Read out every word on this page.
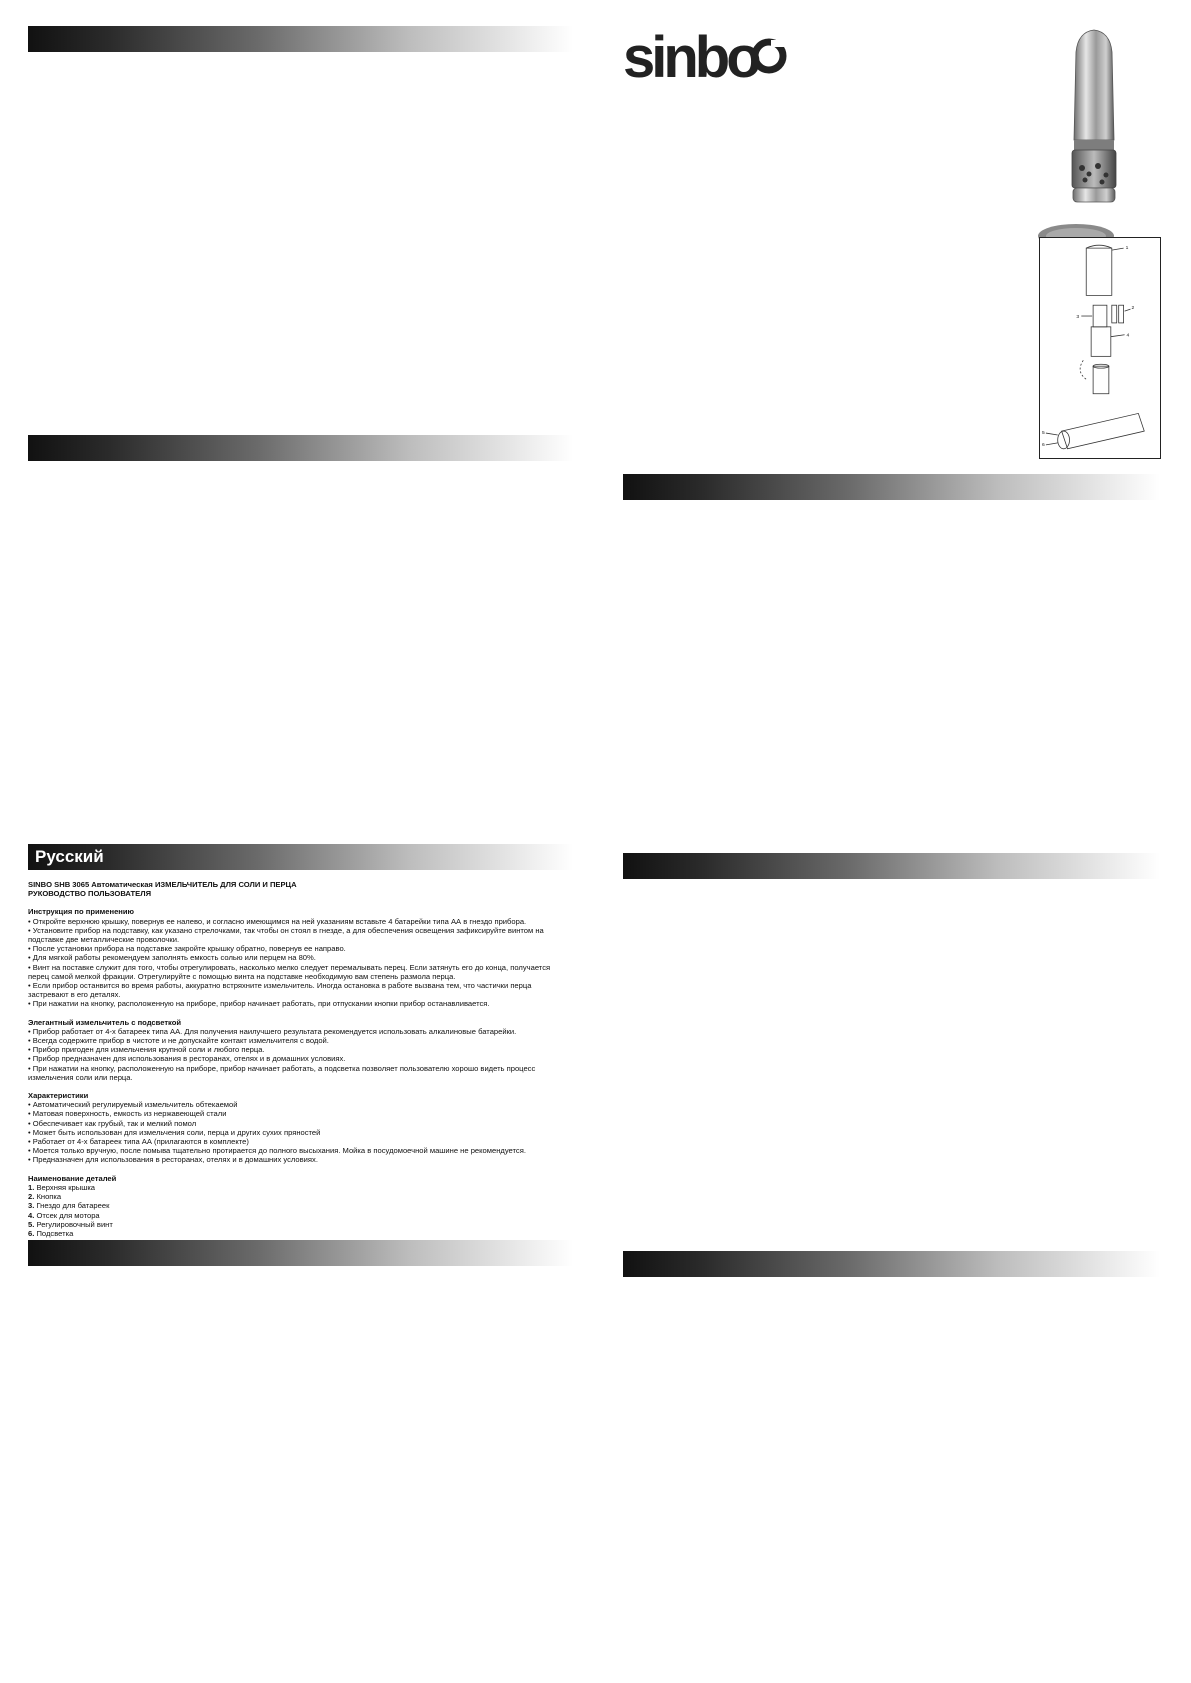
Русский
sinbo
1
2
3
4
5
6

SINBO SHB 3065 Автоматическая ИЗМЕЛЬЧИТЕЛЬ ДЛЯ СОЛИ И ПЕРЦА

РУКОВОДСТВО ПОЛЬЗОВАТЕЛЯ

Инструкция по применению

• Откройте верхнюю крышку, повернув ее налево, и согласно имеющимся на ней указаниям вставьте 4 батарейки типа АА в гнездо прибора.

• Установите прибор на подставку, как указано стрелочками, так чтобы он стоял в гнезде, а для обеспечения освещения зафиксируйте винтом на подставке две металлические проволочки.

• После установки прибора на подставке закройте крышку обратно, повернув ее направо.

• Для мягкой работы рекомендуем заполнять емкость солью или перцем на 80%.

• Винт на поставке служит для того, чтобы отрегулировать, насколько мелко следует перемалывать перец. Если затянуть его до конца, получается перец самой мелкой фракции. Отрегулируйте с помощью винта на подставке необходимую вам степень размола перца.

• Если прибор останвится во время работы, аккуратно встряхните измельчитель. Иногда остановка в работе вызвана тем, что частички перца застревают в его деталях.

• При нажатии на кнопку, расположенную на приборе, прибор начинает работать, при отпускании кнопки прибор останавливается.

Элегантный измельчитель с подсветкой

• Прибор работает от 4-х батареек типа АА. Для получения наилучшего результата рекомендуется использовать алкалиновые батарейки.

• Всегда содержите прибор в чистоте и не допускайте контакт измельчителя с водой.

• Прибор пригоден для измельчения крупной соли и любого перца.

• Прибор предназначен для использования в ресторанах, отелях и в домашних условиях.

• При нажатии на кнопку, расположенную на приборе, прибор начинает работать, а подсветка позволяет пользователю хорошо видеть процесс измельчения соли или перца.

Характеристики

• Автоматический регулируемый измельчитель обтекаемой

• Матовая поверхность, емкость из нержавеющей стали

• Обеспечивает как грубый, так и мелкий помол

• Может быть использован для измельчения соли, перца и других сухих пряностей

• Работает от 4-х батареек типа АА (прилагаются в комплекте)

• Моется только вручную, после помыва тщательно протирается до полного высыхания. Мойка в посудомоечной машине не рекомендуется.

• Предназначен для использования в ресторанах, отелях и в домашних условиях.

Наименование деталей

1. Верхняя крышка

2. Кнопка

3. Гнездо для батареек

4. Отсек для мотора

5. Регулировочный винт

6. Подсветка
